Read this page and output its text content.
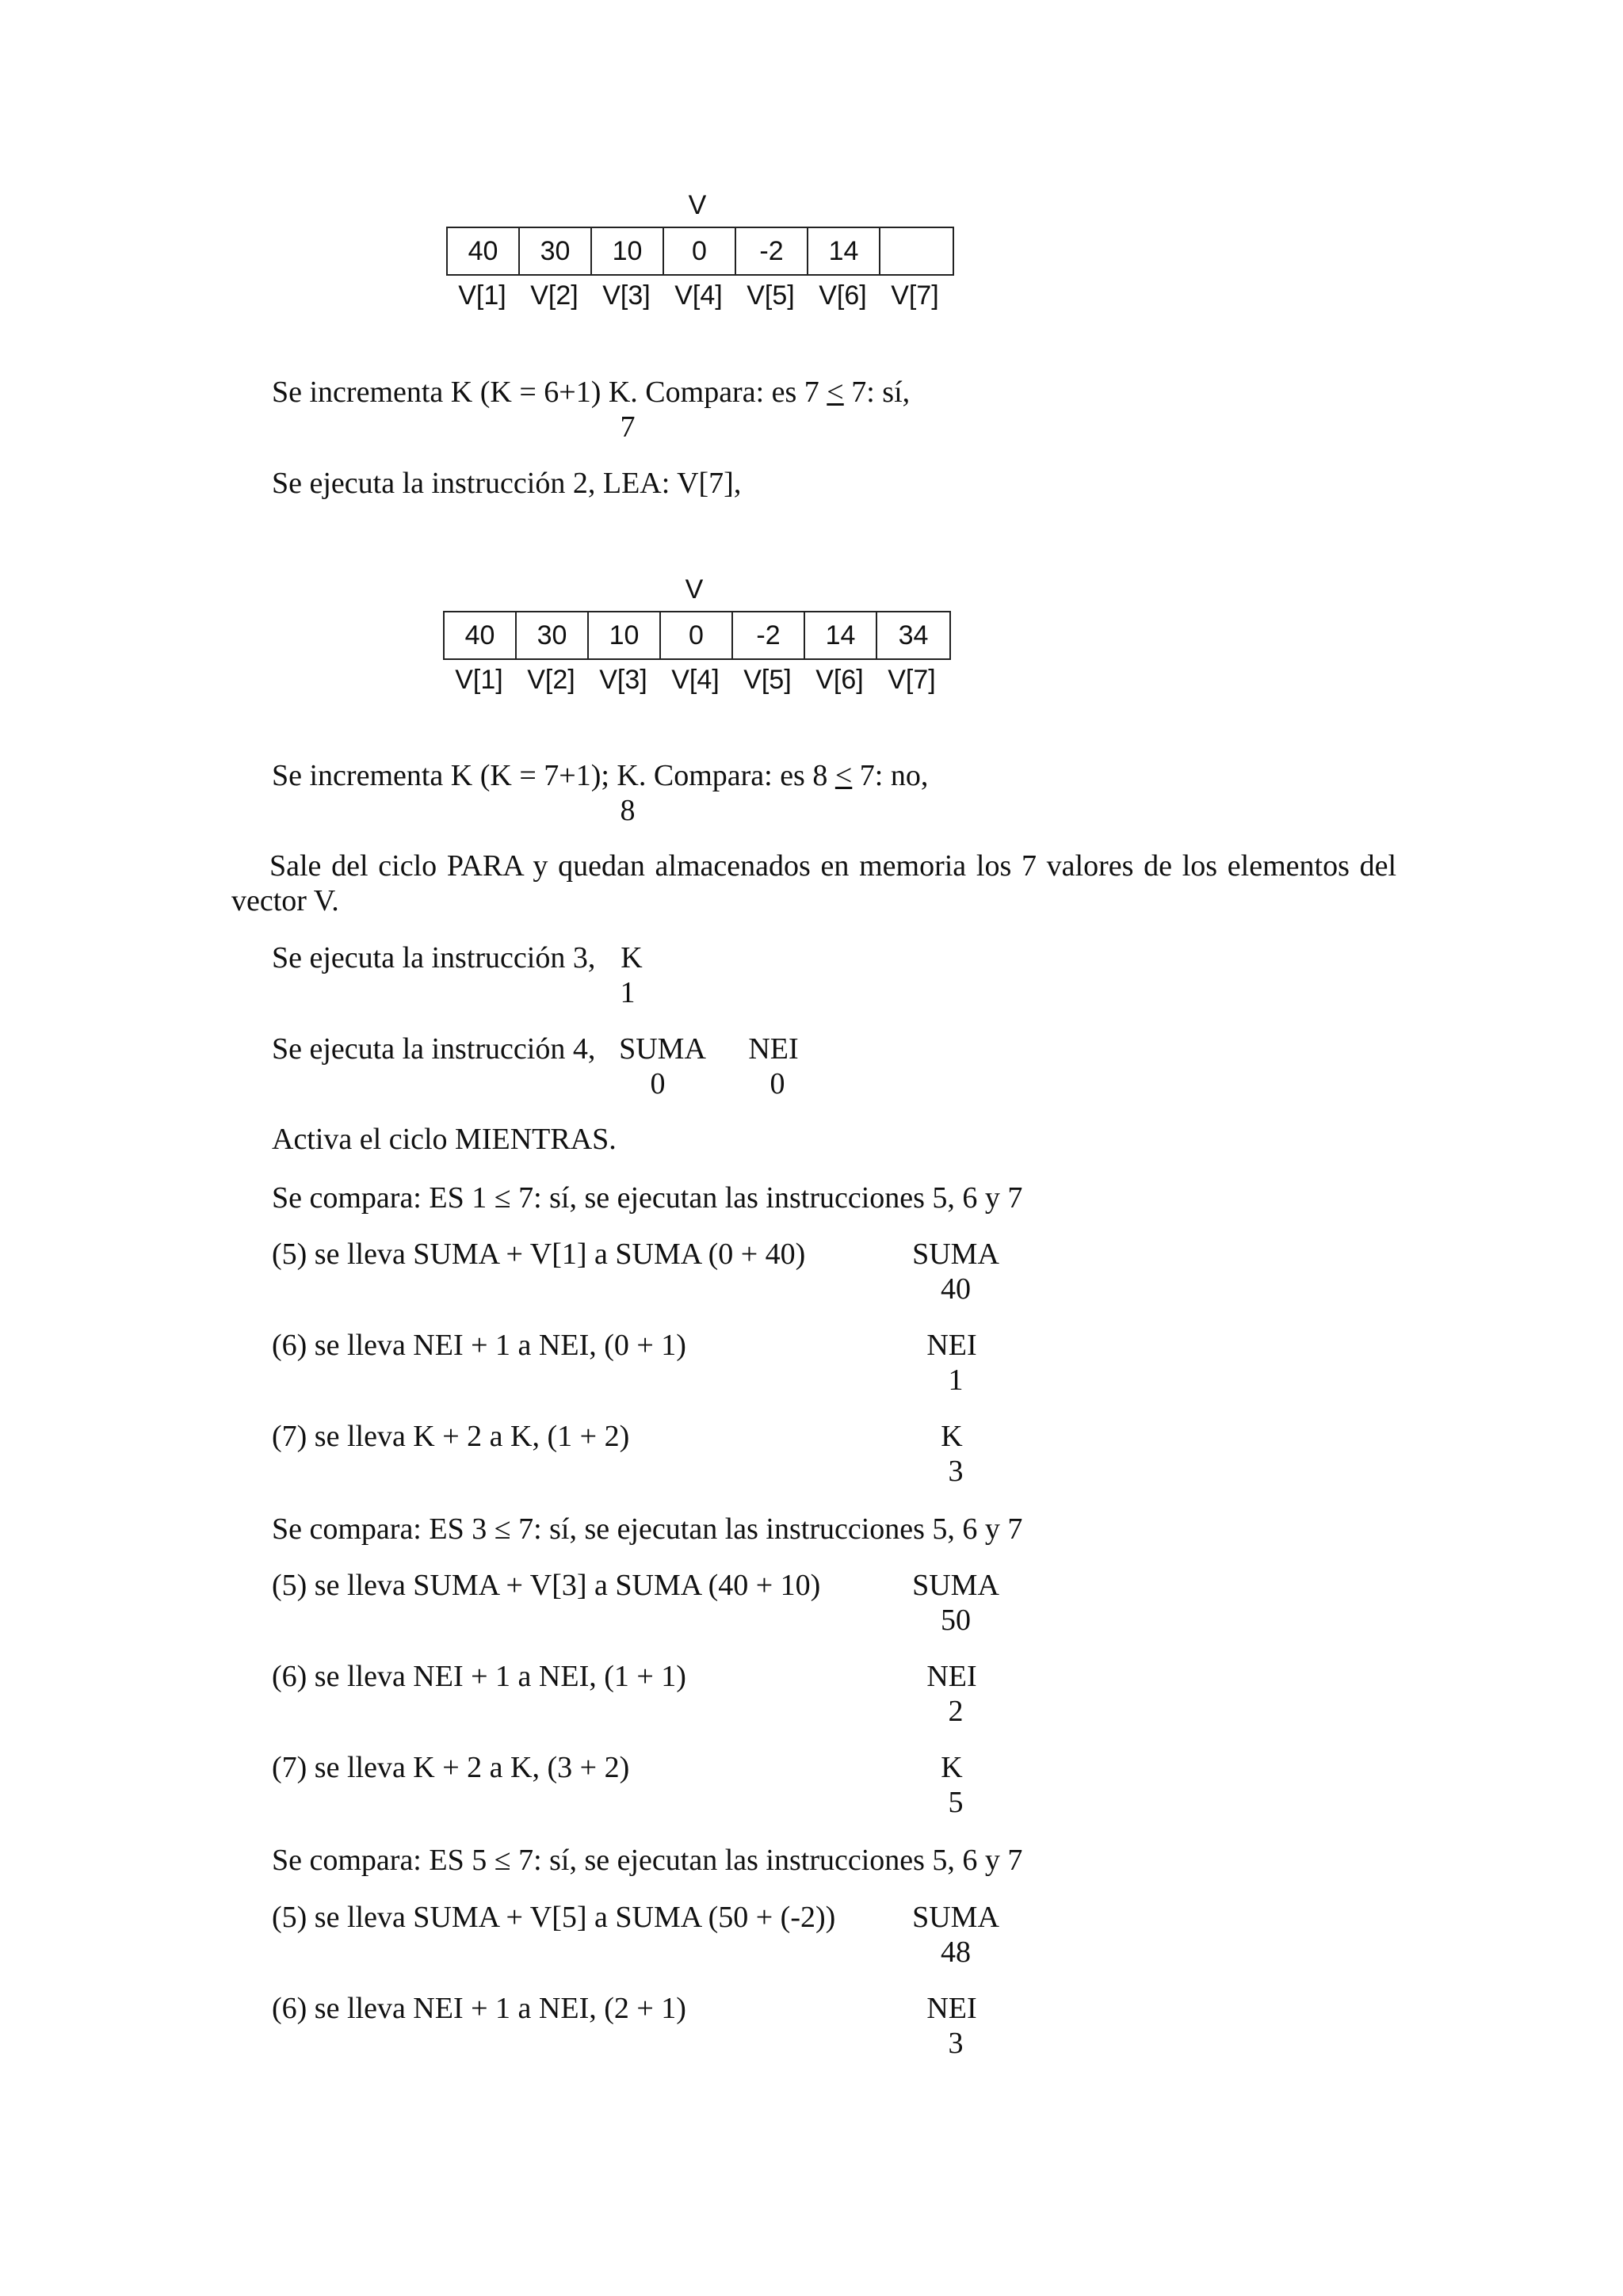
V
40	30	10	0	-2	14
V[1] V[2] V[3] V[4] V[5] V[6] V[7]
Se incrementa K (K = 6+1) K. Compara: es 7 ≤ 7: sí,
7
Se ejecuta la instrucción 2, LEA: V[7],
V
40	30	10	0	-2	14	34
V[1] V[2] V[3] V[4] V[5] V[6] V[7]
Se incrementa K (K = 7+1); K. Compara: es 8 ≤ 7: no,
8
Sale del ciclo PARA y quedan almacenados en memoria los 7 valores de los elementos del vector V.
Se ejecuta la instrucción 3, K
1
Se ejecuta la instrucción 4, SUMA
0
NEI
0
Activa el ciclo MIENTRAS.
Se compara: ES 1 ≤ 7: sí, se ejecutan las instrucciones 5, 6 y 7
(5) se lleva SUMA + V[1] a SUMA (0 + 40)	SUMA
40
(6) se lleva NEI + 1 a NEI, (0 + 1)	NEI
1
(7) se lleva K + 2 a K, (1 + 2)	K
3
Se compara: ES 3 ≤ 7: sí, se ejecutan las instrucciones 5, 6 y 7
(5) se lleva SUMA + V[3] a SUMA (40 + 10)	SUMA
50
(6) se lleva NEI + 1 a NEI, (1 + 1)	NEI
2
(7) se lleva K + 2 a K, (3 + 2)	K
5
Se compara: ES 5 ≤ 7: sí, se ejecutan las instrucciones 5, 6 y 7
(5) se lleva SUMA + V[5] a SUMA (50 + (-2))	SUMA
48
(6) se lleva NEI + 1 a NEI, (2 + 1)	NEI
3
